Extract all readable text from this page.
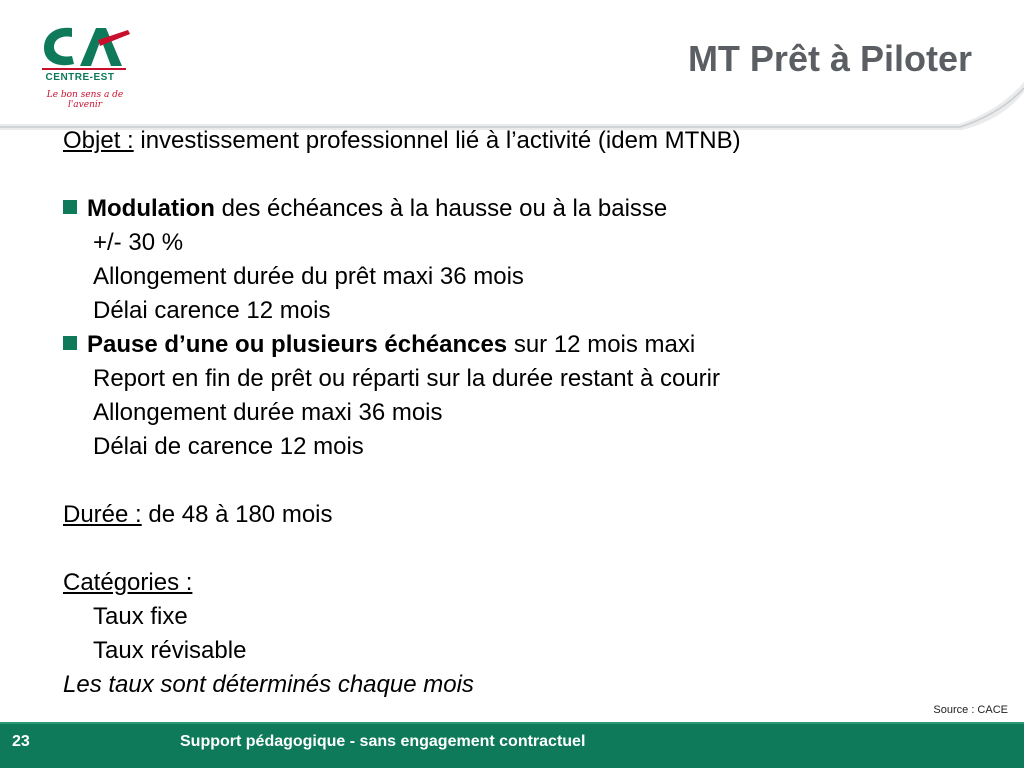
CENTRE-EST
Le bon sens a de l'avenir
MT Prêt à Piloter
Objet : investissement professionnel lié à l’activité (idem MTNB)
Modulation des échéances à la hausse ou à la baisse
+/- 30 %
Allongement durée du prêt maxi 36 mois
Délai carence 12 mois
Pause d’une ou plusieurs échéances sur 12 mois maxi
Report en fin de prêt ou réparti sur la durée restant à courir
Allongement durée maxi 36 mois
Délai de carence 12 mois
Durée : de 48 à 180 mois
Catégories :
Taux fixe
Taux révisable
Les taux sont déterminés chaque mois
Source : CACE
23	Support pédagogique - sans engagement contractuel
